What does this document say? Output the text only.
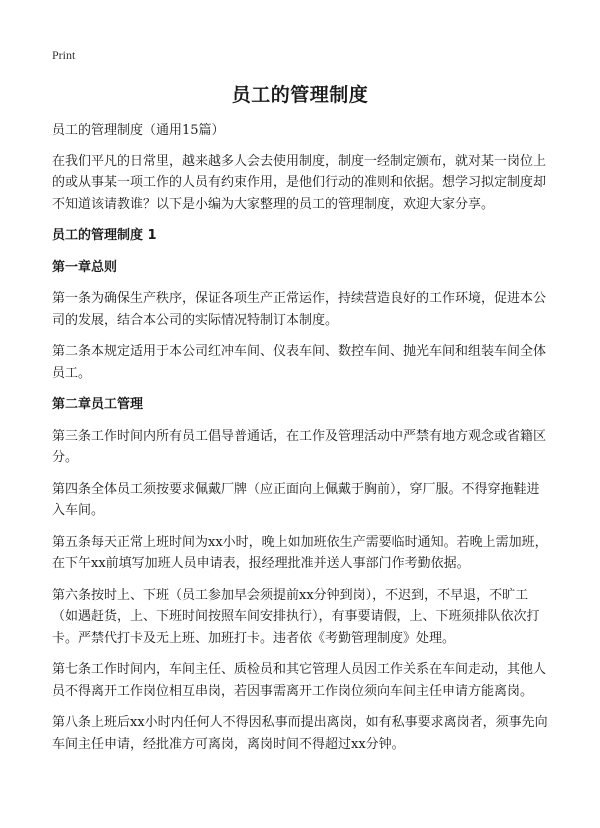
Print
员工的管理制度

员工的管理制度（通用15篇）

在我们平凡的日常里，越来越多人会去使用制度，制度一经制定颁布，就对某一岗位上的或从事某一项工作的人员有约束作用，是他们行动的准则和依据。想学习拟定制度却不知道该请教谁？以下是小编为大家整理的员工的管理制度，欢迎大家分享。

员工的管理制度 1
第一章总则

第一条为确保生产秩序，保证各项生产正常运作，持续营造良好的工作环境，促进本公司的发展，结合本公司的实际情况特制订本制度。

第二条本规定适用于本公司红冲车间、仪表车间、数控车间、抛光车间和组装车间全体员工。

第二章员工管理

第三条工作时间内所有员工倡导普通话，在工作及管理活动中严禁有地方观念或省籍区分。

第四条全体员工须按要求佩戴厂牌（应正面向上佩戴于胸前），穿厂服。不得穿拖鞋进入车间。

第五条每天正常上班时间为xx小时，晚上如加班依生产需要临时通知。若晚上需加班，在下午xx前填写加班人员申请表，报经理批准并送人事部门作考勤依据。

第六条按时上、下班（员工参加早会须提前xx分钟到岗），不迟到，不早退，不旷工（如遇赶货，上、下班时间按照车间安排执行），有事要请假，上、下班须排队依次打卡。严禁代打卡及无上班、加班打卡。违者依《考勤管理制度》处理。

第七条工作时间内，车间主任、质检员和其它管理人员因工作关系在车间走动，其他人员不得离开工作岗位相互串岗，若因事需离开工作岗位须向车间主任申请方能离岗。

第八条上班后xx小时内任何人不得因私事而提出离岗，如有私事要求离岗者，须事先向车间主任申请，经批准方可离岗，离岗时间不得超过xx分钟。
